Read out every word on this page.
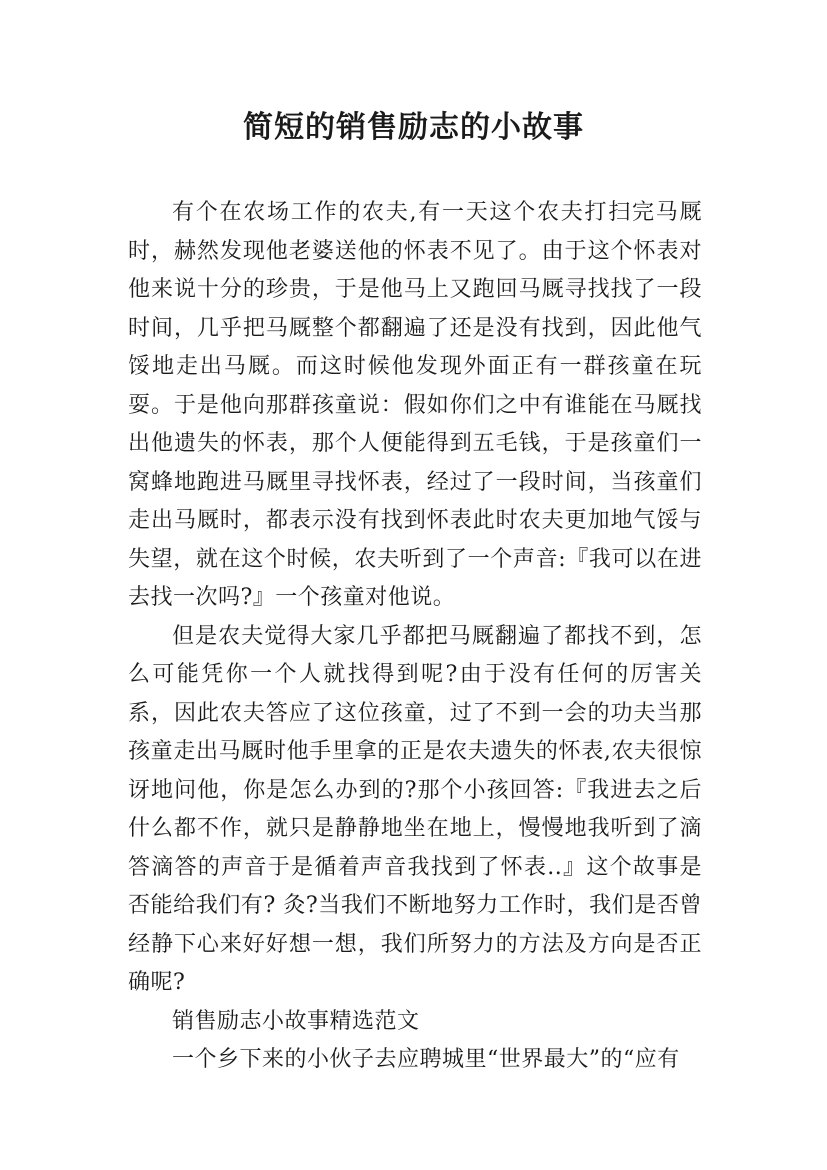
简短的销售励志的小故事

有个在农场工作的农夫,有一天这个农夫打扫完马厩时，赫然发现他老婆送他的怀表不见了。由于这个怀表对他来说十分的珍贵，于是他马上又跑回马厩寻找找了一段时间，几乎把马厩整个都翻遍了还是没有找到，因此他气馁地走出马厩。而这时候他发现外面正有一群孩童在玩耍。于是他向那群孩童说：假如你们之中有谁能在马厩找出他遗失的怀表，那个人便能得到五毛钱，于是孩童们一窝蜂地跑进马厩里寻找怀表，经过了一段时间，当孩童们走出马厩时，都表示没有找到怀表此时农夫更加地气馁与失望，就在这个时候，农夫听到了一个声音:『我可以在进去找一次吗?』一个孩童对他说。

但是农夫觉得大家几乎都把马厩翻遍了都找不到，怎么可能凭你一个人就找得到呢?由于没有任何的厉害关系，因此农夫答应了这位孩童，过了不到一会的功夫当那孩童走出马厩时他手里拿的正是农夫遗失的怀表,农夫很惊讶地问他，你是怎么办到的?那个小孩回答:『我进去之后什么都不作，就只是静静地坐在地上，慢慢地我听到了滴答滴答的声音于是循着声音我找到了怀表..』这个故事是否能给我们有? 灸?当我们不断地努力工作时，我们是否曾经静下心来好好想一想，我们所努力的方法及方向是否正确呢?

销售励志小故事精选范文

一个乡下来的小伙子去应聘城里“世界最大”的“应有
